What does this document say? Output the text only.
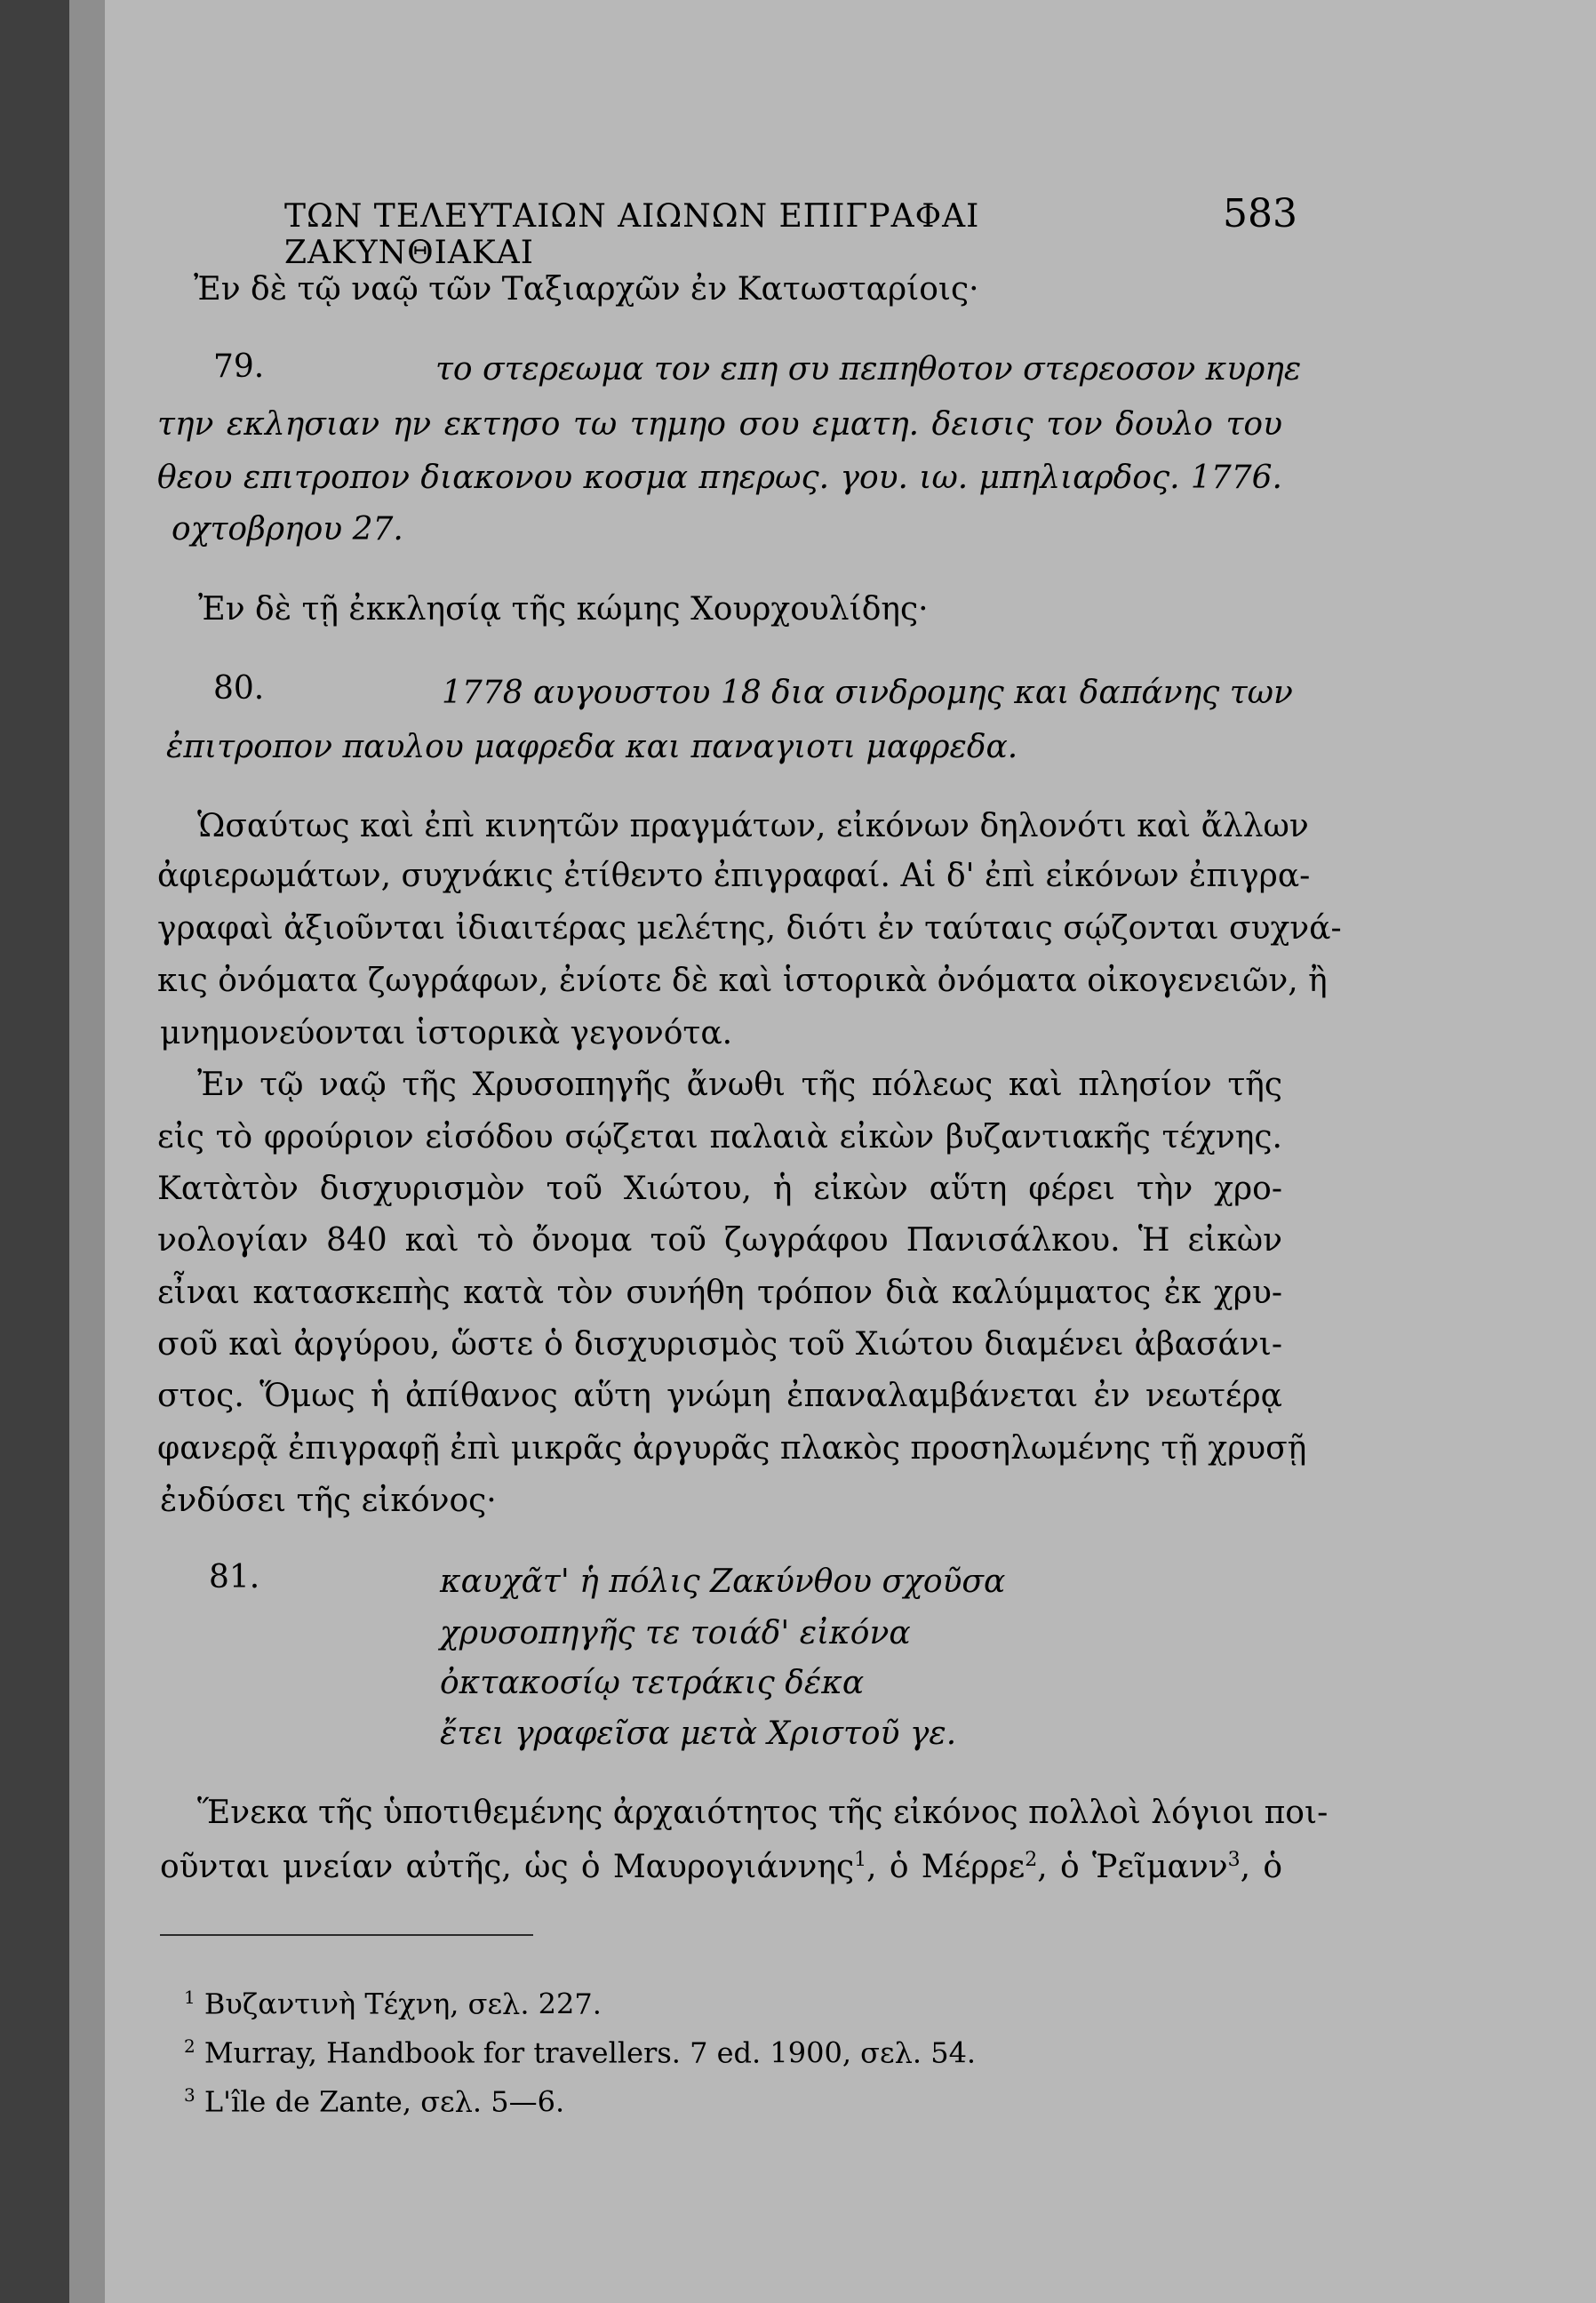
ΤΩΝ ΤΕΛΕΥΤΑΙΩΝ ΑΙΩΝΩΝ ΕΠΙΓΡΑΦΑΙ ΖΑΚΥΝΘΙΑΚΑΙ
583
Ἐν δὲ τῷ ναῷ τῶν Ταξιαρχῶν ἐν Κατωσταρίοις·
79.	το στερεωμα τον επη συ πεπηθοτον στερεοσον κυρηε
την εκλησιαν ην εκτησο τω τημηο σου εματη. δεισις τον δουλο του
θεου επιτροπον διακονου κοσμα πηερως. γου. ιω. μπηλιαρδος. 1776.
οχτοβρηου 27.
Ἐν δὲ τῇ ἐκκλησίᾳ τῆς κώμης Χουρχουλίδης·
80.	1778 αυγουστου 18 δια σινδρομης και δαπάνης των
ἐπιτροπον παυλου μαφρεδα και παναγιοτι μαφρεδα.
Ὡσαύτως καὶ ἐπὶ κινητῶν πραγμάτων, εἰκόνων δηλονότι καὶ ἄλλων
ἀφιερωμάτων, συχνάκις ἐτίθεντο ἐπιγραφαί. Αἱ δ' ἐπὶ εἰκόνων ἐπιγρα-
γραφαὶ ἀξιοῦνται ἰδιαιτέρας μελέτης, διότι ἐν ταύταις σῴζονται συχνά-
κις ὀνόματα ζωγράφων, ἐνίοτε δὲ καὶ ἱστορικὰ ὀνόματα οἰκογενειῶν, ἢ
μνημονεύονται ἱστορικὰ γεγονότα.
Ἐν τῷ ναῷ τῆς Χρυσοπηγῆς ἄνωθι τῆς πόλεως καὶ πλησίον τῆς
εἰς τὸ φρούριον εἰσόδου σῴζεται παλαιὰ εἰκὼν βυζαντιακῆς τέχνης.
Κατὰτὸν δισχυρισμὸν τοῦ Χιώτου, ἡ εἰκὼν αὕτη φέρει τὴν χρο-
νολογίαν 840 καὶ τὸ ὄνομα τοῦ ζωγράφου Πανισάλκου. Ἡ εἰκὼν
εἶναι κατασκεπὴς κατὰ τὸν συνήθη τρόπον διὰ καλύμματος ἐκ χρυ-
σοῦ καὶ ἀργύρου, ὥστε ὁ δισχυρισμὸς τοῦ Χιώτου διαμένει ἀβασάνι-
στος. Ὅμως ἡ ἀπίθανος αὕτη γνώμη ἐπαναλαμβάνεται ἐν νεωτέρᾳ
φανερᾷ ἐπιγραφῇ ἐπὶ μικρᾶς ἀργυρᾶς πλακὸς προσηλωμένης τῇ χρυσῇ
ἐνδύσει τῆς εἰκόνος·
81.	καυχᾶτ' ἡ πόλις Ζακύνθου σχοῦσα
χρυσοπηγῆς τε τοιάδ' εἰκόνα
ὀκτακοσίῳ τετράκις δέκα
ἔτει γραφεῖσα μετὰ Χριστοῦ γε.
Ἕνεκα τῆς ὑποτιθεμένης ἀρχαιότητος τῆς εἰκόνος πολλοὶ λόγιοι ποι-
οῦνται μνείαν αὐτῆς, ὡς ὁ Μαυρογιάννης$^1$, ὁ Μέρρε$^2$, ὁ Ῥεῖμανν$^3$, ὁ
$^1$ Βυζαντινὴ Τέχνη, σελ. 227.
$^2$ Murray, Handbook for travellers. 7 ed. 1900, σελ. 54.
$^3$ L'île de Zante, σελ. 5—6.
